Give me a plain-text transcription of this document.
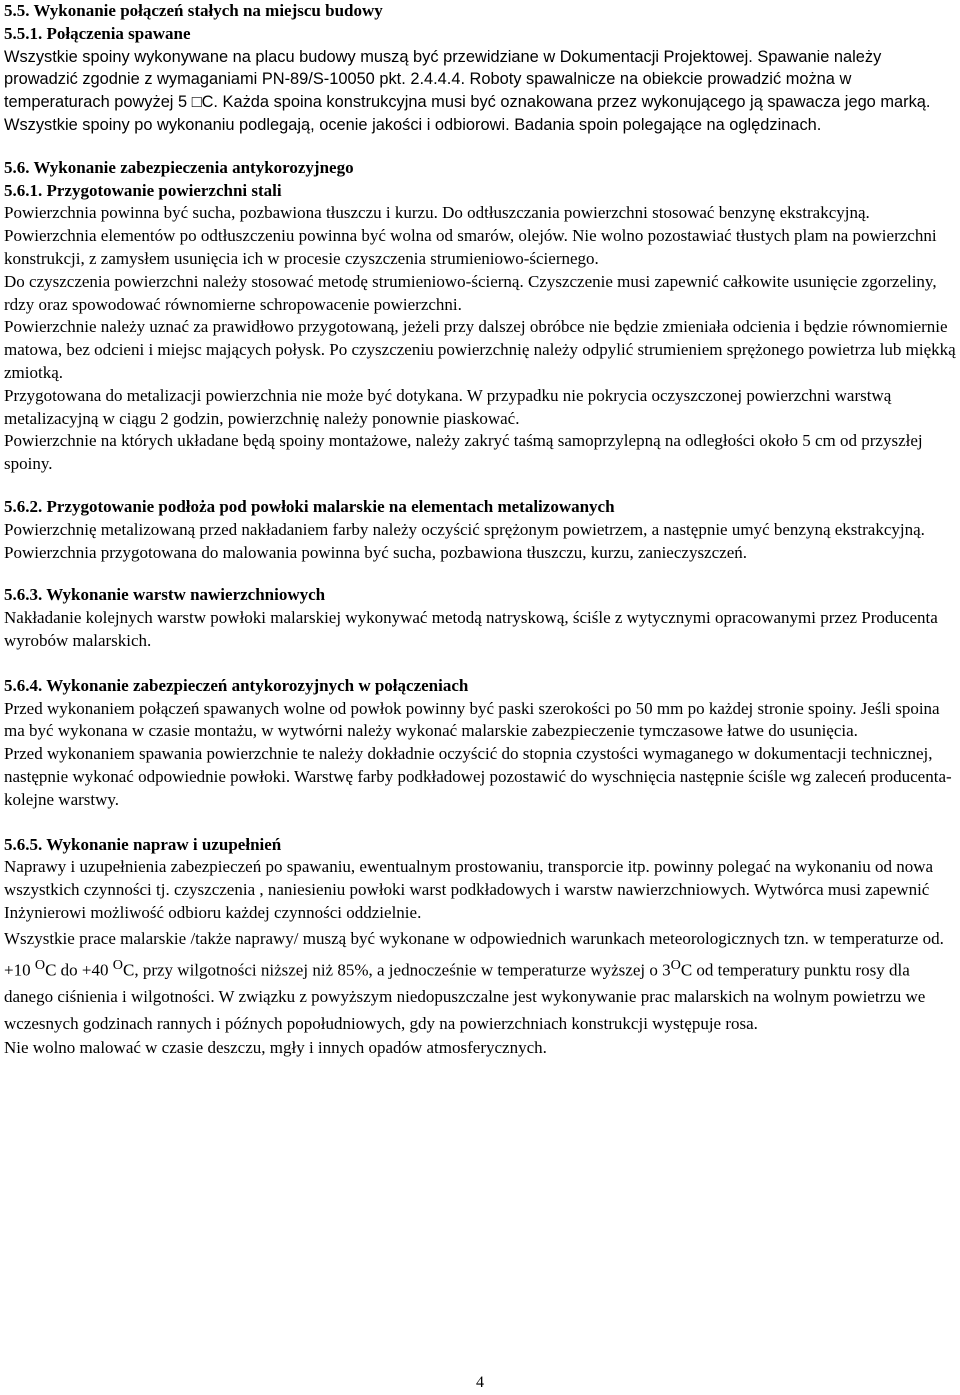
5.5. Wykonanie połączeń stałych na miejscu budowy

5.5.1. Połączenia spawane

Wszystkie spoiny wykonywane na placu budowy muszą być przewidziane w Dokumentacji Projektowej. Spawanie należy prowadzić zgodnie z wymaganiami PN-89/S-10050 pkt. 2.4.4.4. Roboty spawalnicze na obiekcie prowadzić można w temperaturach powyżej 5 □C. Każda spoina konstrukcyjna musi być oznakowana przez wykonującego ją spawacza jego marką. Wszystkie spoiny po wykonaniu podlegają, ocenie jakości i odbiorowi. Badania spoin polegające na oględzinach.

5.6. Wykonanie zabezpieczenia antykorozyjnego

5.6.1. Przygotowanie powierzchni stali

Powierzchnia powinna być sucha, pozbawiona tłuszczu i kurzu. Do odtłuszczania powierzchni stosować benzynę ekstrakcyjną. Powierzchnia elementów po odtłuszczeniu powinna być wolna od smarów, olejów. Nie wolno pozostawiać tłustych plam na powierzchni konstrukcji, z zamysłem usunięcia ich w procesie czyszczenia strumieniowo-ściernego.

Do czyszczenia powierzchni należy stosować metodę strumieniowo-ścierną. Czyszczenie musi zapewnić całkowite usunięcie zgorzeliny, rdzy oraz spowodować równomierne schropowacenie powierzchni.

Powierzchnie należy uznać za prawidłowo przygotowaną, jeżeli przy dalszej obróbce nie będzie zmieniała odcienia i będzie równomiernie matowa, bez odcieni i miejsc mających połysk. Po czyszczeniu powierzchnię należy odpylić strumieniem sprężonego powietrza lub miękką zmiotką.

Przygotowana do metalizacji powierzchnia nie może być dotykana. W przypadku nie pokrycia oczyszczonej powierzchni warstwą metalizacyjną w ciągu 2 godzin, powierzchnię należy ponownie piaskować.

Powierzchnie na których układane będą spoiny montażowe, należy zakryć taśmą samoprzylepną na odległości około 5 cm od przyszłej spoiny.

5.6.2. Przygotowanie podłoża pod powłoki malarskie na elementach metalizowanych

Powierzchnię metalizowaną przed nakładaniem farby należy oczyścić sprężonym powietrzem, a następnie umyć benzyną ekstrakcyjną.

Powierzchnia przygotowana do malowania powinna być sucha, pozbawiona tłuszczu, kurzu, zanieczyszczeń.

5.6.3. Wykonanie warstw nawierzchniowych

Nakładanie kolejnych warstw powłoki malarskiej wykonywać metodą natryskową, ściśle z wytycznymi opracowanymi przez Producenta wyrobów malarskich.

5.6.4. Wykonanie zabezpieczeń antykorozyjnych w połączeniach

Przed wykonaniem połączeń spawanych wolne od powłok powinny być paski szerokości po 50 mm po każdej stronie spoiny. Jeśli spoina ma być wykonana w czasie montażu, w wytwórni należy wykonać malarskie zabezpieczenie tymczasowe łatwe do usunięcia.

Przed wykonaniem spawania powierzchnie te należy dokładnie oczyścić do stopnia czystości wymaganego w dokumentacji technicznej, następnie wykonać odpowiednie powłoki. Warstwę farby podkładowej pozostawić do wyschnięcia następnie ściśle wg zaleceń producenta-kolejne warstwy.

5.6.5. Wykonanie napraw i uzupełnień

Naprawy i uzupełnienia zabezpieczeń po spawaniu, ewentualnym prostowaniu, transporcie itp. powinny polegać na wykonaniu od nowa wszystkich czynności tj. czyszczenia , naniesieniu powłoki warst podkładowych i warstw nawierzchniowych. Wytwórca musi zapewnić Inżynierowi możliwość odbioru każdej czynności oddzielnie.

Wszystkie prace malarskie /także naprawy/ muszą być wykonane w odpowiednich warunkach meteorologicznych tzn. w temperaturze od. +10 $^O$C do +40 $^O$C, przy wilgotności niższej niż 85%, a jednocześnie w temperaturze wyższej o $3^OC$ od temperatury punktu rosy dla danego ciśnienia i wilgotności. W związku z powyższym niedopuszczalne jest wykonywanie prac malarskich na wolnym powietrzu we wczesnych godzinach rannych i późnych popołudniowych, gdy na powierzchniach konstrukcji występuje rosa.

Nie wolno malować w czasie deszczu, mgły i innych opadów atmosferycznych.

4
